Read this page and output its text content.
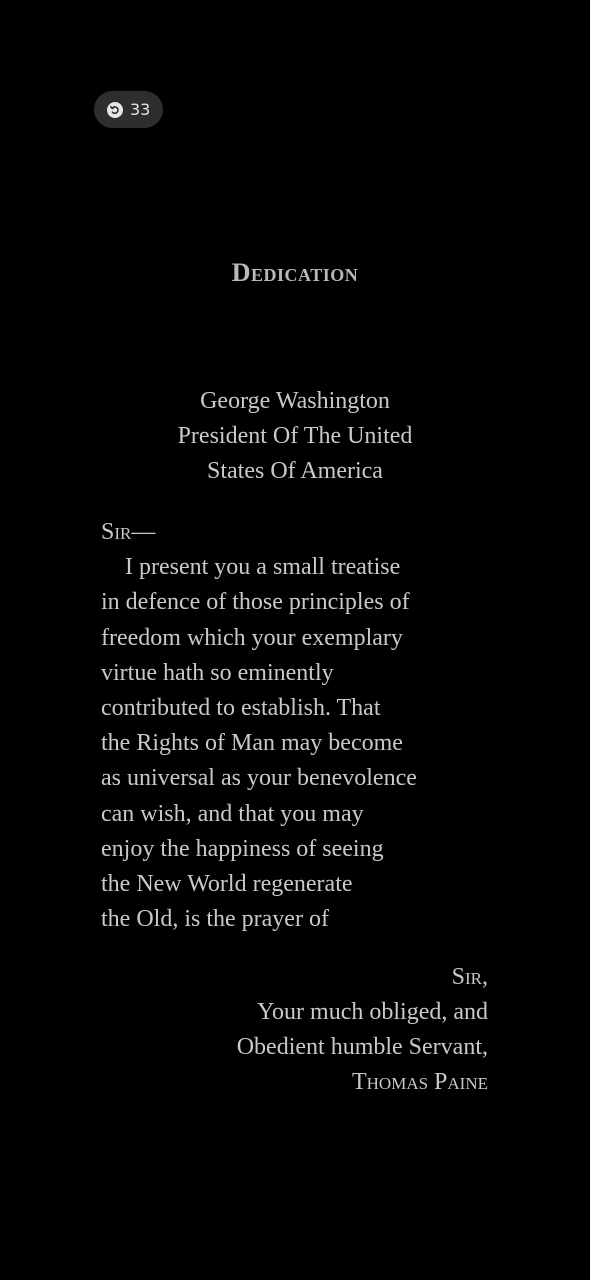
33
Dedication
George Washington
President Of The United
States Of America
Sir—
I present you a small treatise
in defence of those principles of
freedom which your exemplary
virtue hath so eminently
contributed to establish. That
the Rights of Man may become
as universal as your benevolence
can wish, and that you may
enjoy the happiness of seeing
the New World regenerate
the Old, is the prayer of
Sir,
Your much obliged, and
Obedient humble Servant,
Thomas Paine
